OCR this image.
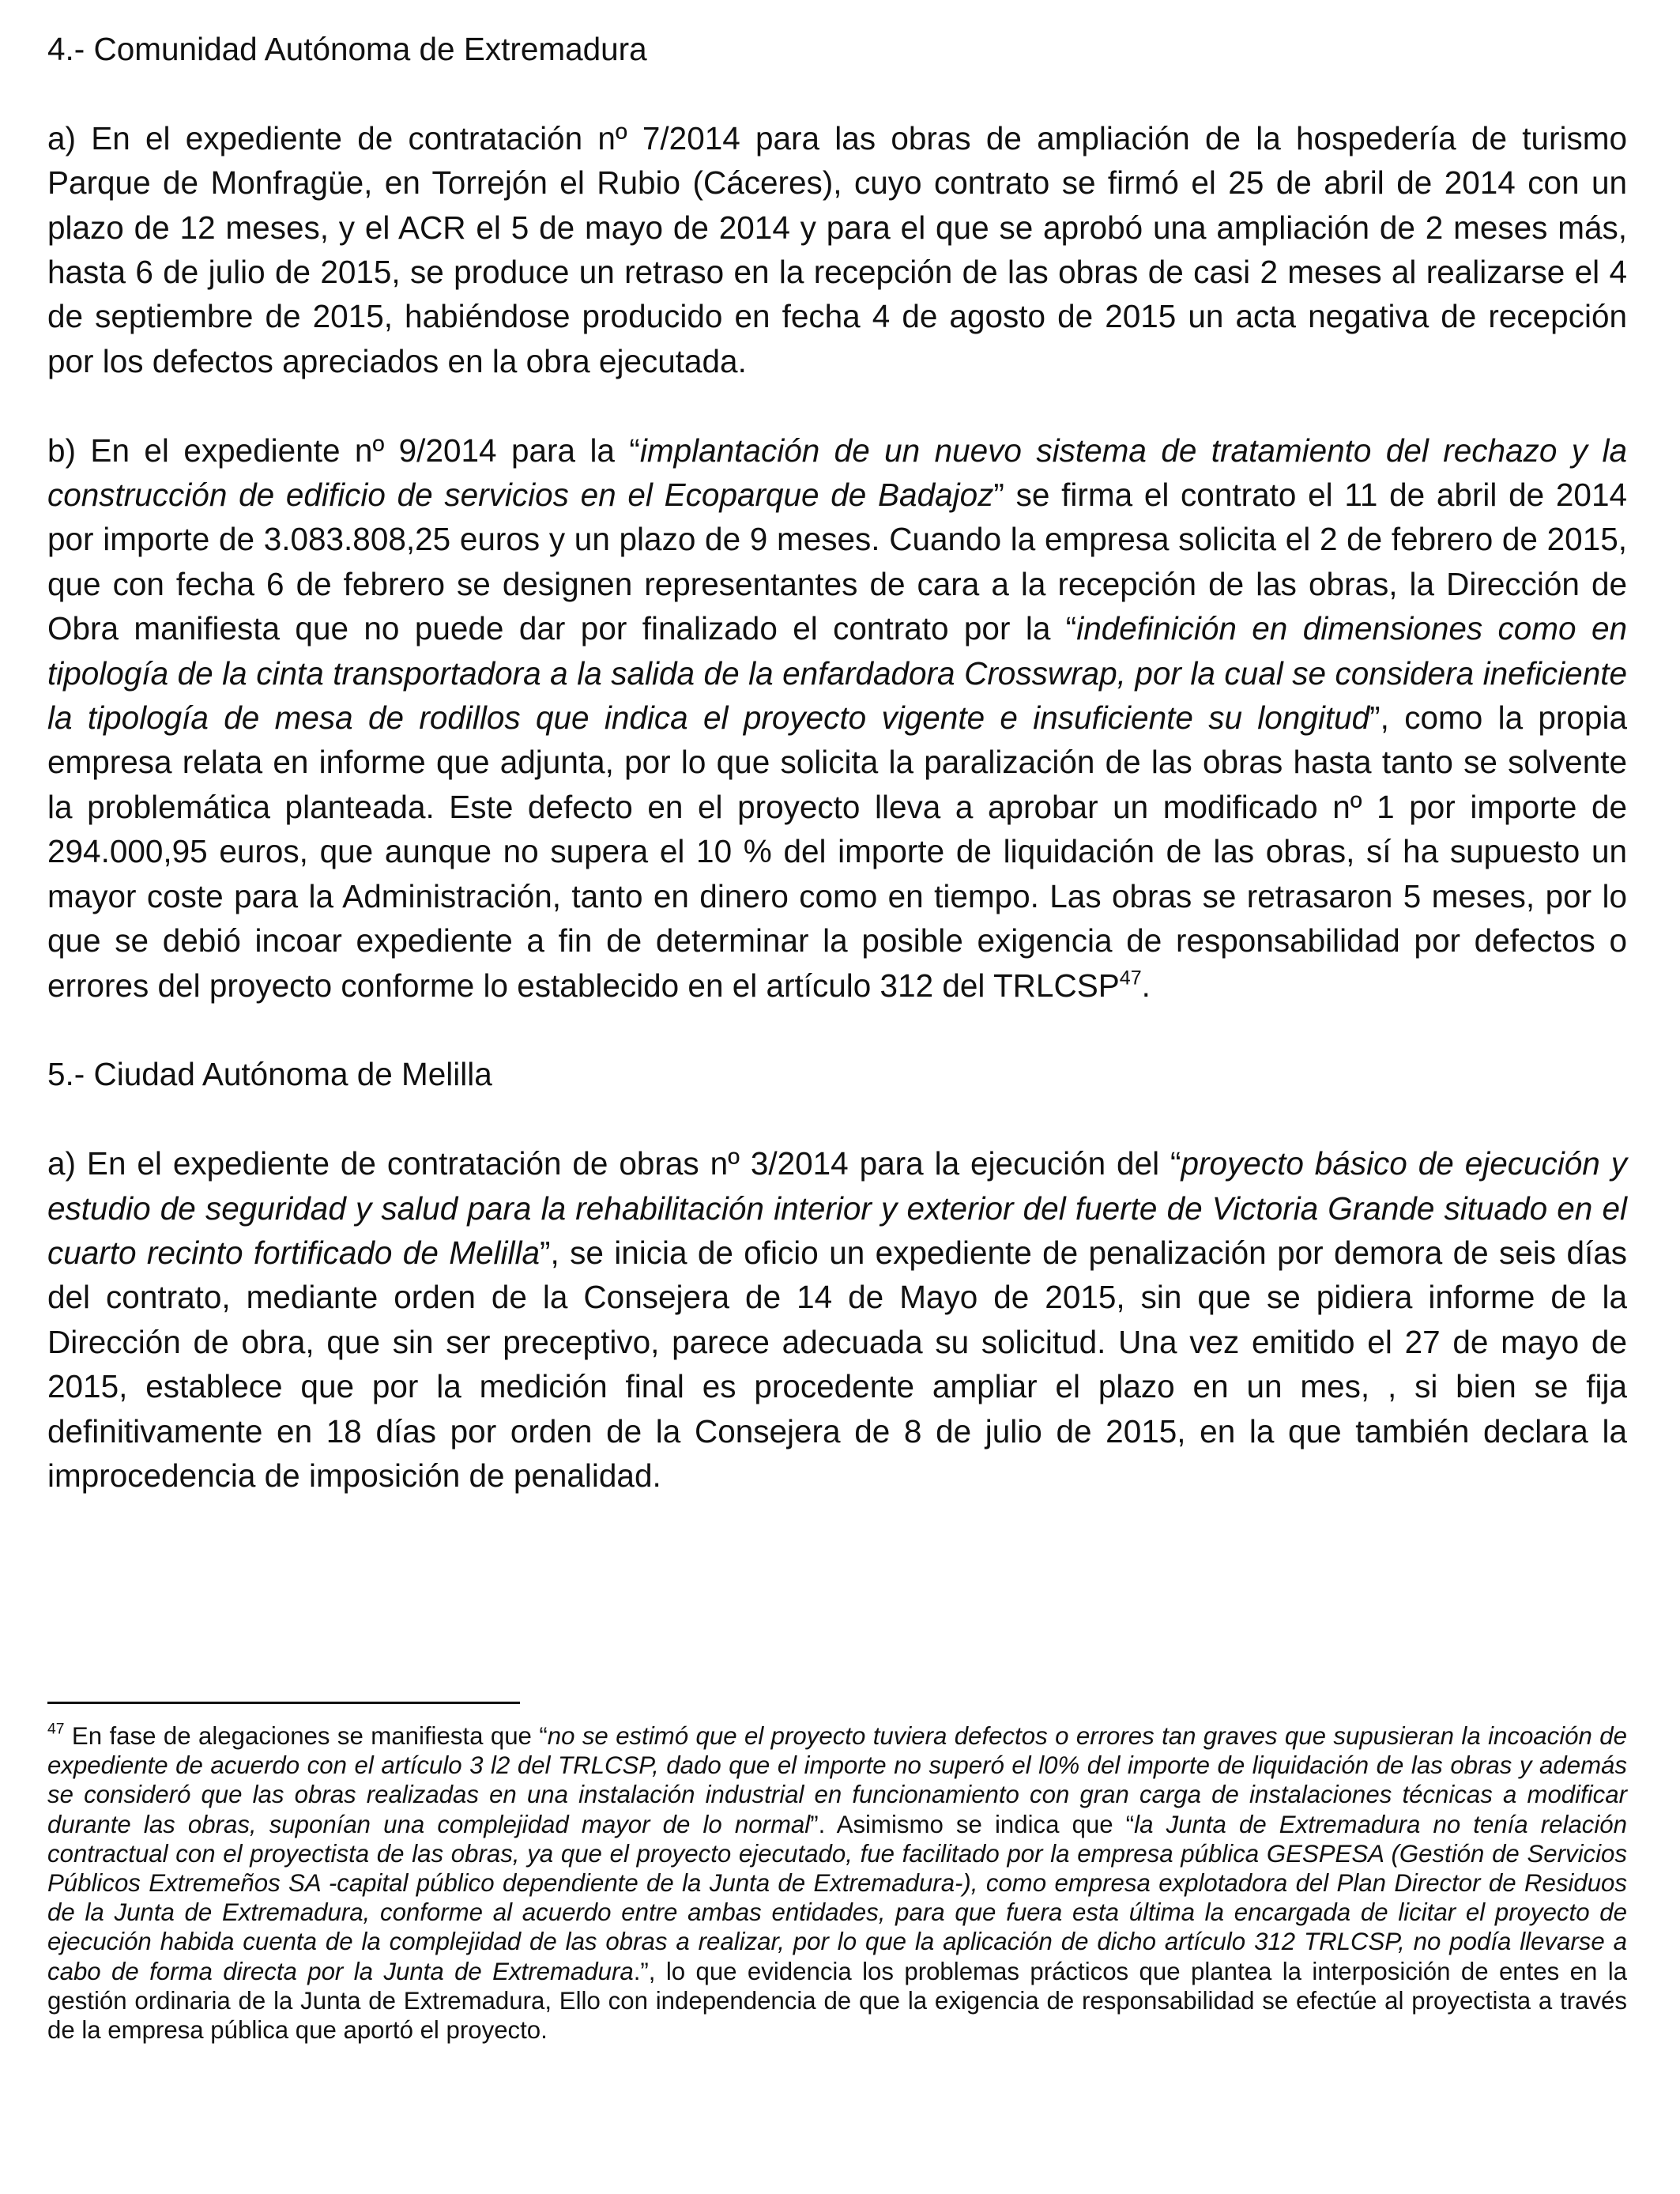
4.- Comunidad Autónoma de Extremadura

a) En el expediente de contratación nº 7/2014 para las obras de ampliación de la hospedería de turismo Parque de Monfragüe, en Torrejón el Rubio (Cáceres), cuyo contrato se firmó el 25 de abril de 2014 con un plazo de 12 meses, y el ACR el 5 de mayo de 2014 y para el que se aprobó una ampliación de 2 meses más, hasta 6 de julio de 2015, se produce un retraso en la recepción de las obras de casi 2 meses al realizarse el 4 de septiembre de 2015, habiéndose producido en fecha 4 de agosto de 2015 un acta negativa de recepción por los defectos apreciados en la obra ejecutada.

b) En el expediente nº 9/2014 para la “implantación de un nuevo sistema de tratamiento del rechazo y la construcción de edificio de servicios en el Ecoparque de Badajoz” se firma el contrato el 11 de abril de 2014 por importe de 3.083.808,25 euros y un plazo de 9 meses. Cuando la empresa solicita el 2 de febrero de 2015, que con fecha 6 de febrero se designen representantes de cara a la recepción de las obras, la Dirección de Obra manifiesta que no puede dar por finalizado el contrato por la “indefinición en dimensiones como en tipología de la cinta transportadora a la salida de la enfardadora Crosswrap, por la cual se considera ineficiente la tipología de mesa de rodillos que indica el proyecto vigente e insuficiente su longitud”, como la propia empresa relata en informe que adjunta, por lo que solicita la paralización de las obras hasta tanto se solvente la problemática planteada. Este defecto en el proyecto lleva a aprobar un modificado nº 1 por importe de 294.000,95 euros, que aunque no supera el 10 % del importe de liquidación de las obras, sí ha supuesto un mayor coste para la Administración, tanto en dinero como en tiempo. Las obras se retrasaron 5 meses, por lo que se debió incoar expediente a fin de determinar la posible exigencia de responsabilidad por defectos o errores del proyecto conforme lo establecido en el artículo 312 del TRLCSP$^{47}$.

5.- Ciudad Autónoma de Melilla

a) En el expediente de contratación de obras nº 3/2014 para la ejecución del “proyecto básico de ejecución y estudio de seguridad y salud para la rehabilitación interior y exterior del fuerte de Victoria Grande situado en el cuarto recinto fortificado de Melilla”, se inicia de oficio un expediente de penalización por demora de seis días del contrato, mediante orden de la Consejera de 14 de Mayo de 2015, sin que se pidiera informe de la Dirección de obra, que sin ser preceptivo, parece adecuada su solicitud. Una vez emitido el 27 de mayo de 2015, establece que por la medición final es procedente ampliar el plazo en un mes, , si bien se fija definitivamente en 18 días por orden de la Consejera de 8 de julio de 2015, en la que también declara la improcedencia de imposición de penalidad.

$^{47}$ En fase de alegaciones se manifiesta que “no se estimó que el proyecto tuviera defectos o errores tan graves que supusieran la incoación de expediente de acuerdo con el artículo 3 l2 del TRLCSP, dado que el importe no superó el l0% del importe de liquidación de las obras y además se consideró que las obras realizadas en una instalación industrial en funcionamiento con gran carga de instalaciones técnicas a modificar durante las obras, suponían una complejidad mayor de lo normal”. Asimismo se indica que “la Junta de Extremadura no tenía relación contractual con el proyectista de las obras, ya que el proyecto ejecutado, fue facilitado por la empresa pública GESPESA (Gestión de Servicios Públicos Extremeños SA -capital público dependiente de la Junta de Extremadura-), como empresa explotadora del Plan Director de Residuos de la Junta de Extremadura, conforme al acuerdo entre ambas entidades, para que fuera esta última la encargada de licitar el proyecto de ejecución habida cuenta de la complejidad de las obras a realizar, por lo que la aplicación de dicho artículo 312 TRLCSP, no podía llevarse a cabo de forma directa por la Junta de Extremadura.”, lo que evidencia los problemas prácticos que plantea la interposición de entes en la gestión ordinaria de la Junta de Extremadura, Ello con independencia de que la exigencia de responsabilidad se efectúe al proyectista a través de la empresa pública que aportó el proyecto.
